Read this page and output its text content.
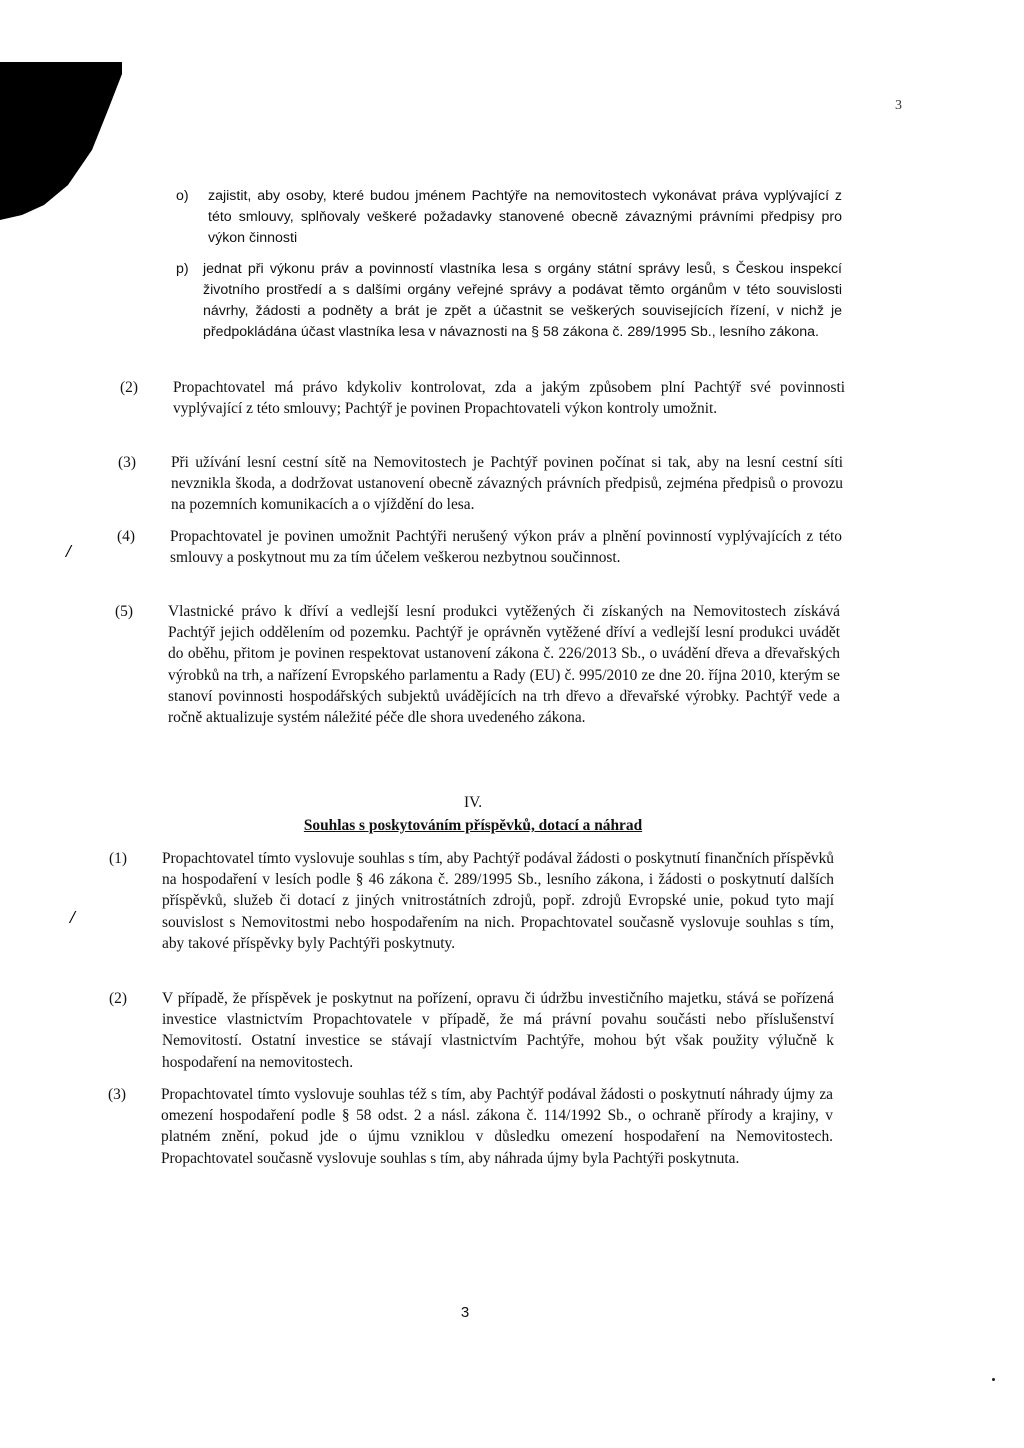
3
/
/
o) zajistit, aby osoby, které budou jménem Pachtýře na nemovitostech vykonávat práva vyplývající z této smlouvy, splňovaly veškeré požadavky stanovené obecně závaznými právními předpisy pro výkon činnosti
p) jednat při výkonu práv a povinností vlastníka lesa s orgány státní správy lesů, s Českou inspekcí životního prostředí a s dalšími orgány veřejné správy a podávat těmto orgánům v této souvislosti návrhy, žádosti a podněty a brát je zpět a účastnit se veškerých souvisejících řízení, v nichž je předpokládána účast vlastníka lesa v návaznosti na § 58 zákona č. 289/1995 Sb., lesního zákona.
(2) Propachtovatel má právo kdykoliv kontrolovat, zda a jakým způsobem plní Pachtýř své povinnosti vyplývající z této smlouvy; Pachtýř je povinen Propachtovateli výkon kontroly umožnit.
(3) Při užívání lesní cestní sítě na Nemovitostech je Pachtýř povinen počínat si tak, aby na lesní cestní síti nevznikla škoda, a dodržovat ustanovení obecně závazných právních předpisů, zejména předpisů o provozu na pozemních komunikacích a o vjíždění do lesa.
(4) Propachtovatel je povinen umožnit Pachtýři nerušený výkon práv a plnění povinností vyplývajících z této smlouvy a poskytnout mu za tím účelem veškerou nezbytnou součinnost.
(5) Vlastnické právo k dříví a vedlejší lesní produkci vytěžených či získaných na Nemovitostech získává Pachtýř jejich oddělením od pozemku. Pachtýř je oprávněn vytěžené dříví a vedlejší lesní produkci uvádět do oběhu, přitom je povinen respektovat ustanovení zákona č. 226/2013 Sb., o uvádění dřeva a dřevařských výrobků na trh, a nařízení Evropského parlamentu a Rady (EU) č. 995/2010 ze dne 20. října 2010, kterým se stanoví povinnosti hospodářských subjektů uvádějících na trh dřevo a dřevařské výrobky. Pachtýř vede a ročně aktualizuje systém náležité péče dle shora uvedeného zákona.
IV.
Souhlas s poskytováním příspěvků, dotací a náhrad
(1) Propachtovatel tímto vyslovuje souhlas s tím, aby Pachtýř podával žádosti o poskytnutí finančních příspěvků na hospodaření v lesích podle § 46 zákona č. 289/1995 Sb., lesního zákona, i žádosti o poskytnutí dalších příspěvků, služeb či dotací z jiných vnitrostátních zdrojů, popř. zdrojů Evropské unie, pokud tyto mají souvislost s Nemovitostmi nebo hospodařením na nich. Propachtovatel současně vyslovuje souhlas s tím, aby takové příspěvky byly Pachtýři poskytnuty.
(2) V případě, že příspěvek je poskytnut na pořízení, opravu či údržbu investičního majetku, stává se pořízená investice vlastnictvím Propachtovatele v případě, že má právní povahu součásti nebo příslušenství Nemovitostí. Ostatní investice se stávají vlastnictvím Pachtýře, mohou být však použity výlučně k hospodaření na nemovitostech.
(3) Propachtovatel tímto vyslovuje souhlas též s tím, aby Pachtýř podával žádosti o poskytnutí náhrady újmy za omezení hospodaření podle § 58 odst. 2 a násl. zákona č. 114/1992 Sb., o ochraně přírody a krajiny, v platném znění, pokud jde o újmu vzniklou v důsledku omezení hospodaření na Nemovitostech. Propachtovatel současně vyslovuje souhlas s tím, aby náhrada újmy byla Pachtýři poskytnuta.
3
